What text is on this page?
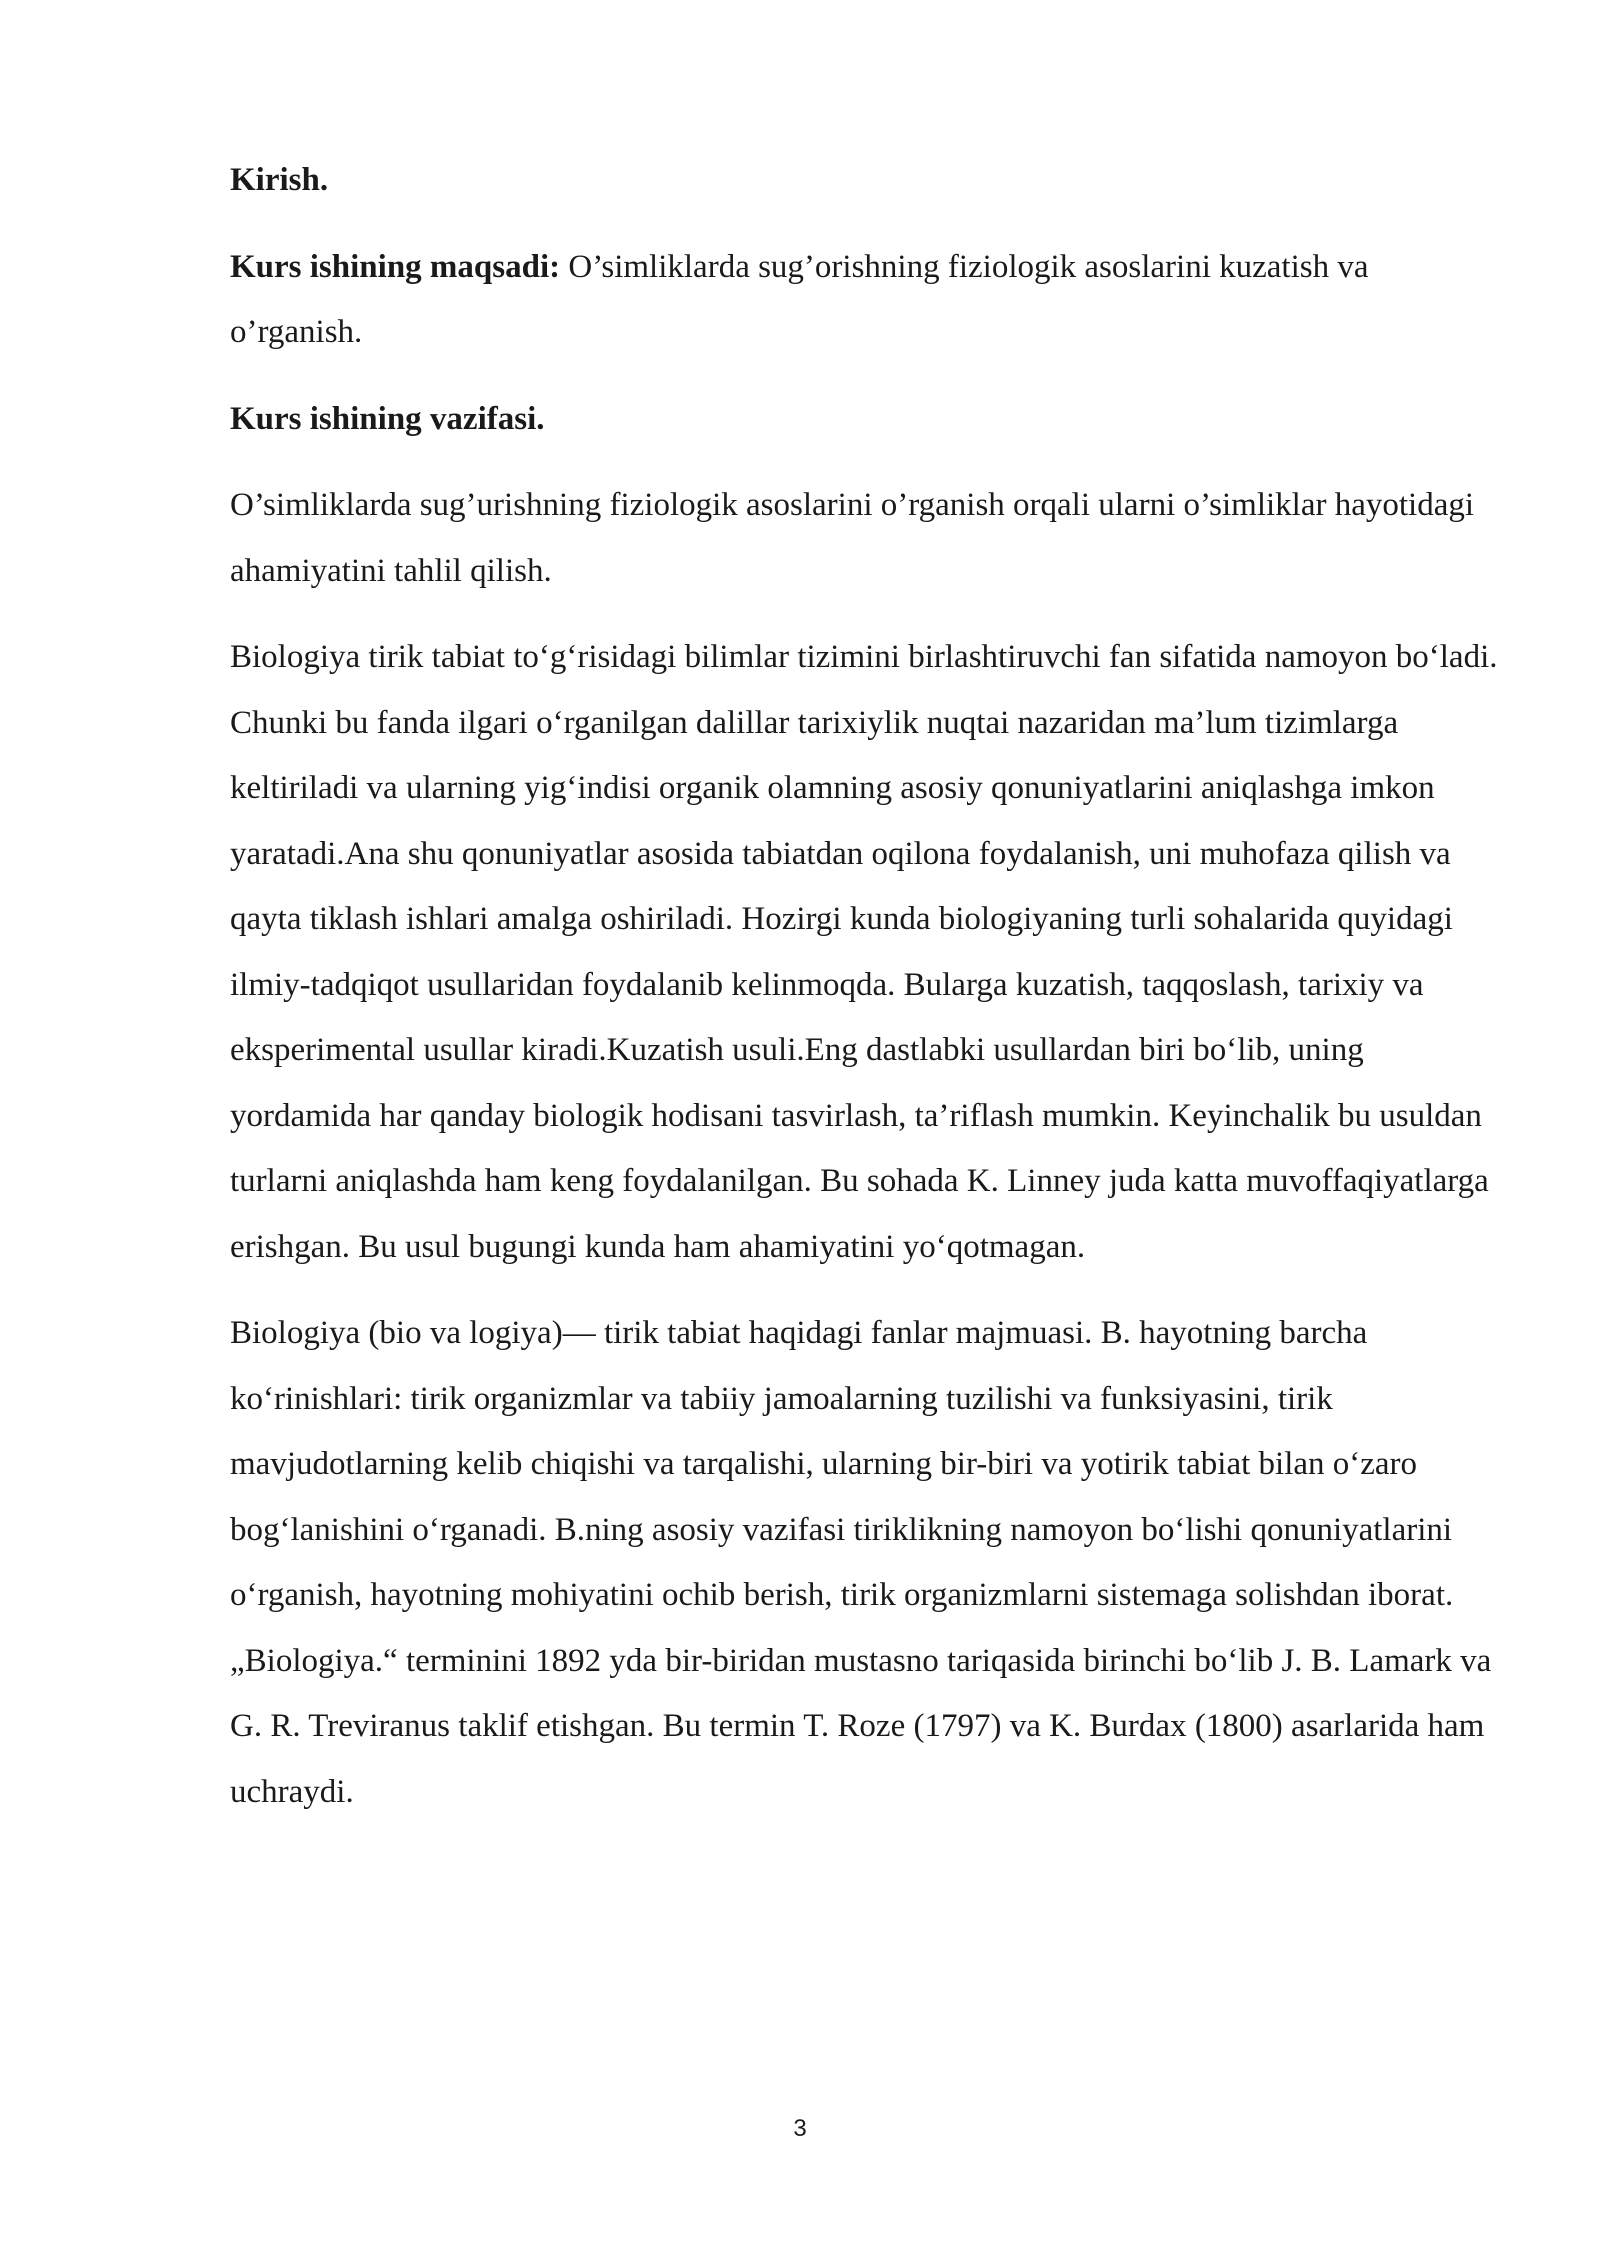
Kirish.

Kurs ishining maqsadi: O’simliklarda sug’orishning fiziologik asoslarini kuzatish va o’rganish.

Kurs ishining vazifasi.

O’simliklarda sug’urishning fiziologik asoslarini o’rganish orqali ularni o’simliklar hayotidagi ahamiyatini tahlil qilish.

Biologiya tirik tabiat to‘g‘risidagi bilimlar tizimini birlashtiruvchi fan sifatida namoyon bo‘ladi. Chunki bu fanda ilgari o‘rganilgan dalillar tarixiylik nuqtai nazaridan ma’lum tizimlarga keltiriladi va ularning yig‘indisi organik olamning asosiy qonuniyatlarini aniqlashga imkon yaratadi.Ana shu qonuniyatlar asosida tabiatdan oqilona foydalanish, uni muhofaza qilish va qayta tiklash ishlari amalga oshiriladi. Hozirgi kunda biologiyaning turli sohalarida quyidagi ilmiy-tadqiqot usullaridan foydalanib kelinmoqda. Bularga kuzatish, taqqoslash, tarixiy va eksperimental usullar kiradi.Kuzatish usuli.Eng dastlabki usullardan biri bo‘lib, uning yordamida har qanday biologik hodisani tasvirlash, ta’riflash mumkin. Keyinchalik bu usuldan turlarni aniqlashda ham keng foydalanilgan. Bu sohada K. Linney juda katta muvoffaqiyatlarga erishgan. Bu usul bugungi kunda ham ahamiyatini yo‘qotmagan.

Biologiya (bio va logiya)— tirik tabiat haqidagi fanlar majmuasi. B. hayotning barcha ko‘rinishlari: tirik organizmlar va tabiiy jamoalarning tuzilishi va funksiyasini, tirik mavjudotlarning kelib chiqishi va tarqalishi, ularning bir-biri va yotirik tabiat bilan o‘zaro bog‘lanishini o‘rganadi. B.ning asosiy vazifasi tiriklikning namoyon bo‘lishi qonuniyatlarini o‘rganish, hayotning mohiyatini ochib berish, tirik organizmlarni sistemaga solishdan iborat. „Biologiya.“ terminini 1892 yda bir-biridan mustasno tariqasida birinchi bo‘lib J. B. Lamark va G. R. Treviranus taklif etishgan. Bu termin T. Roze (1797) va K. Burdax (1800) asarlarida ham uchraydi.

3
